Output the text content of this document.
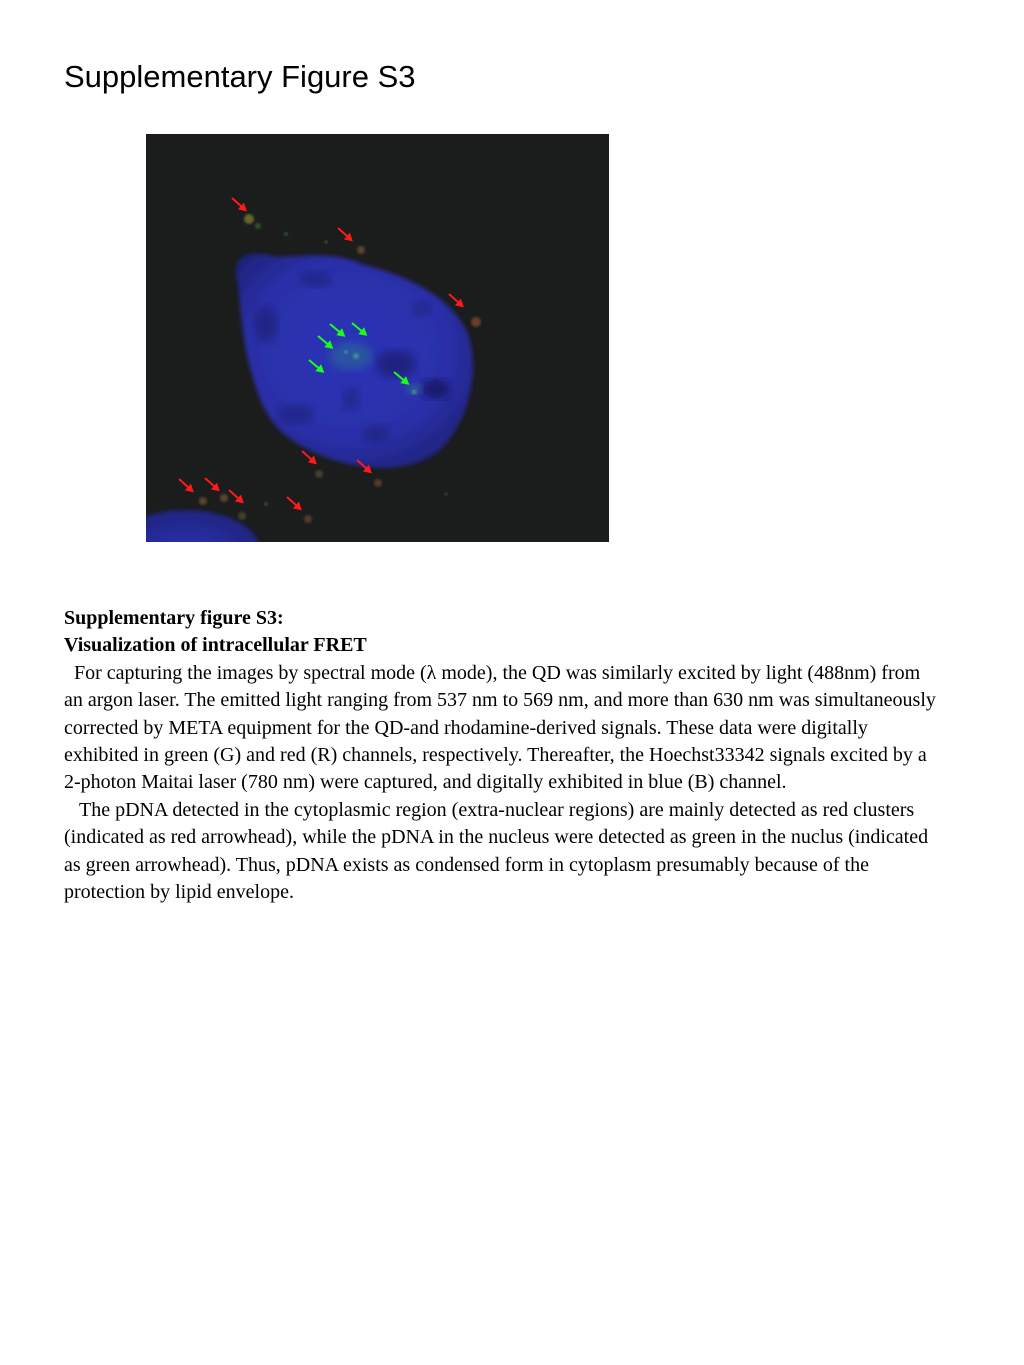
Supplementary Figure S3
Supplementary figure S3:
Visualization of intracellular FRET

For capturing the images by spectral mode (λ mode), the QD was similarly excited by light (488nm) from an argon laser. The emitted light ranging from 537 nm to 569 nm, and more than 630 nm was simultaneously corrected by META equipment for the QD-and rhodamine-derived signals. These data were digitally exhibited in green (G) and red (R) channels, respectively. Thereafter, the Hoechst33342 signals excited by a 2-photon Maitai laser (780 nm) were captured, and digitally exhibited in blue (B) channel.

The pDNA detected in the cytoplasmic region (extra-nuclear regions) are mainly detected as red clusters (indicated as red arrowhead), while the pDNA in the nucleus were detected as green in the nuclus (indicated as green arrowhead). Thus, pDNA exists as condensed form in cytoplasm presumably because of the protection by lipid envelope.
